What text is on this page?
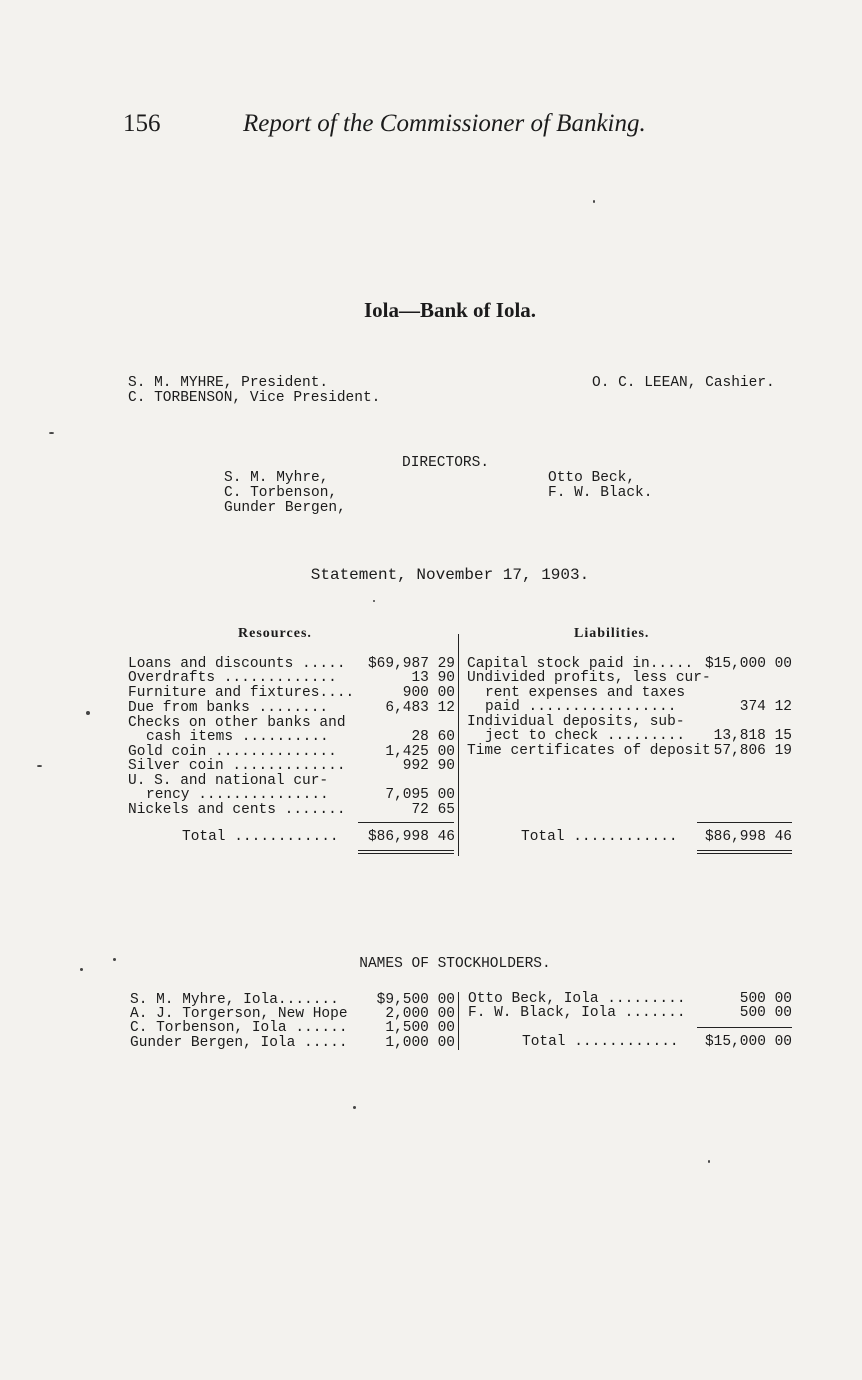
156	Report of the Commissioner of Banking.
Iola—Bank of Iola.
S. M. MYHRE, President.
C. TORBENSON, Vice President.
O. C. LEEAN, Cashier.
DIRECTORS.
S. M. Myhre,
C. Torbenson,
Gunder Bergen,
Otto Beck,
F. W. Black.
Statement, November 17, 1903.
Resources.	Liabilities.
Loans and discounts .....	$69,987 29
Overdrafts .............	13 90
Furniture and fixtures....	900 00
Due from banks ........	6,483 12
Checks on other banks and
cash items ..........	28 60
Gold coin ..............	1,425 00
Silver coin .............	992 90
U. S. and national cur-
rency ...............	7,095 00
Nickels and cents .......	72 65
Total ............	$86,998 46
Capital stock paid in..... $15,000 00
Undivided profits, less cur-
rent expenses and taxes
paid .................	374 12
Individual deposits, sub-
ject to check .........	13,818 15
Time certificates of deposit 57,806 19
Total ............	$86,998 46
NAMES OF STOCKHOLDERS.
S. M. Myhre, Iola.......	$9,500 00
A. J. Torgerson, New Hope	2,000 00
C. Torbenson, Iola ......	1,500 00
Gunder Bergen, Iola .....	1,000 00
Otto Beck, Iola .........	500 00
F. W. Black, Iola .......	500 00
Total ............	$15,000 00
